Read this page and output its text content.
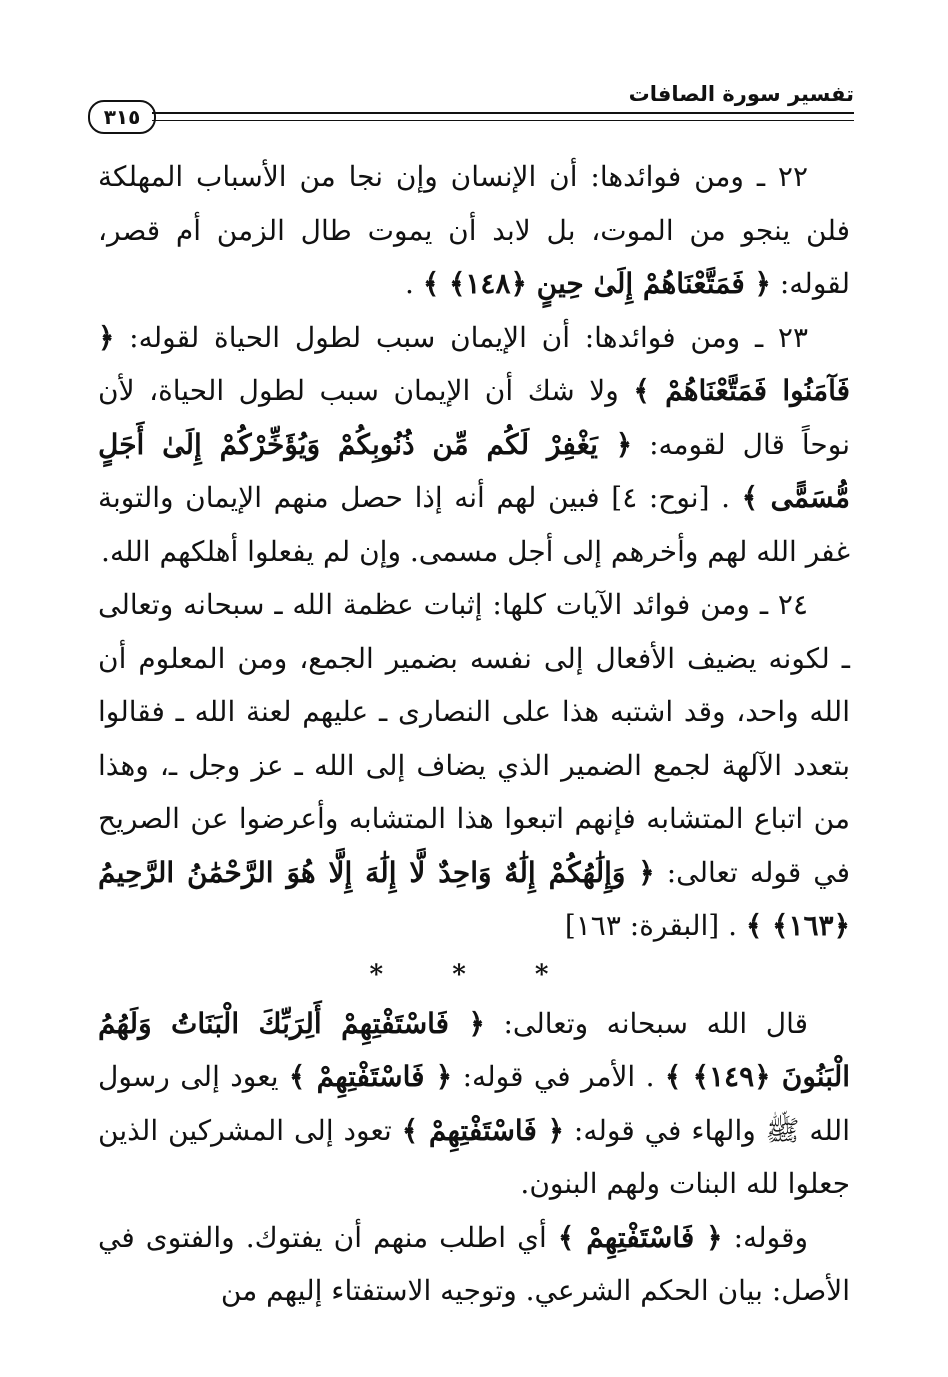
٣١٥
تفسير سورة الصافات

٢٢ ـ ومن فوائدها: أن الإنسان وإن نجا من الأسباب المهلكة فلن ينجو من الموت، بل لابد أن يموت طال الزمن أم قصر، لقوله: ﴿ فَمَتَّعْنَاهُمْ إِلَىٰ حِينٍ ﴿١٤٨﴾ ﴾ .

٢٣ ـ ومن فوائدها: أن الإيمان سبب لطول الحياة لقوله: ﴿ فَآمَنُوا فَمَتَّعْنَاهُمْ ﴾ ولا شك أن الإيمان سبب لطول الحياة، لأن نوحاً قال لقومه: ﴿ يَغْفِرْ لَكُم مِّن ذُنُوبِكُمْ وَيُؤَخِّرْكُمْ إِلَىٰ أَجَلٍ مُّسَمًّى ﴾ . [نوح: ٤] فبين لهم أنه إذا حصل منهم الإيمان والتوبة غفر الله لهم وأخرهم إلى أجل مسمى. وإن لم يفعلوا أهلكهم الله.

٢٤ ـ ومن فوائد الآيات كلها: إثبات عظمة الله ـ سبحانه وتعالى ـ لكونه يضيف الأفعال إلى نفسه بضمير الجمع، ومن المعلوم أن الله واحد، وقد اشتبه هذا على النصارى ـ عليهم لعنة الله ـ فقالوا بتعدد الآلهة لجمع الضمير الذي يضاف إلى الله ـ عز وجل ـ، وهذا من اتباع المتشابه فإنهم اتبعوا هذا المتشابه وأعرضوا عن الصريح في قوله تعالى: ﴿ وَإِلَٰهُكُمْ إِلَٰهٌ وَاحِدٌ لَّا إِلَٰهَ إِلَّا هُوَ الرَّحْمَٰنُ الرَّحِيمُ ﴿١٦٣﴾ ﴾ . [البقرة: ١٦٣]

* * *

قال الله سبحانه وتعالى: ﴿ فَاسْتَفْتِهِمْ أَلِرَبِّكَ الْبَنَاتُ وَلَهُمُ الْبَنُونَ ﴿١٤٩﴾ ﴾ . الأمر في قوله: ﴿ فَاسْتَفْتِهِمْ ﴾ يعود إلى رسول الله ﷺ والهاء في قوله: ﴿ فَاسْتَفْتِهِمْ ﴾ تعود إلى المشركين الذين جعلوا لله البنات ولهم البنون.

وقوله: ﴿ فَاسْتَفْتِهِمْ ﴾ أي اطلب منهم أن يفتوك. والفتوى في الأصل: بيان الحكم الشرعي. وتوجيه الاستفتاء إليهم من
